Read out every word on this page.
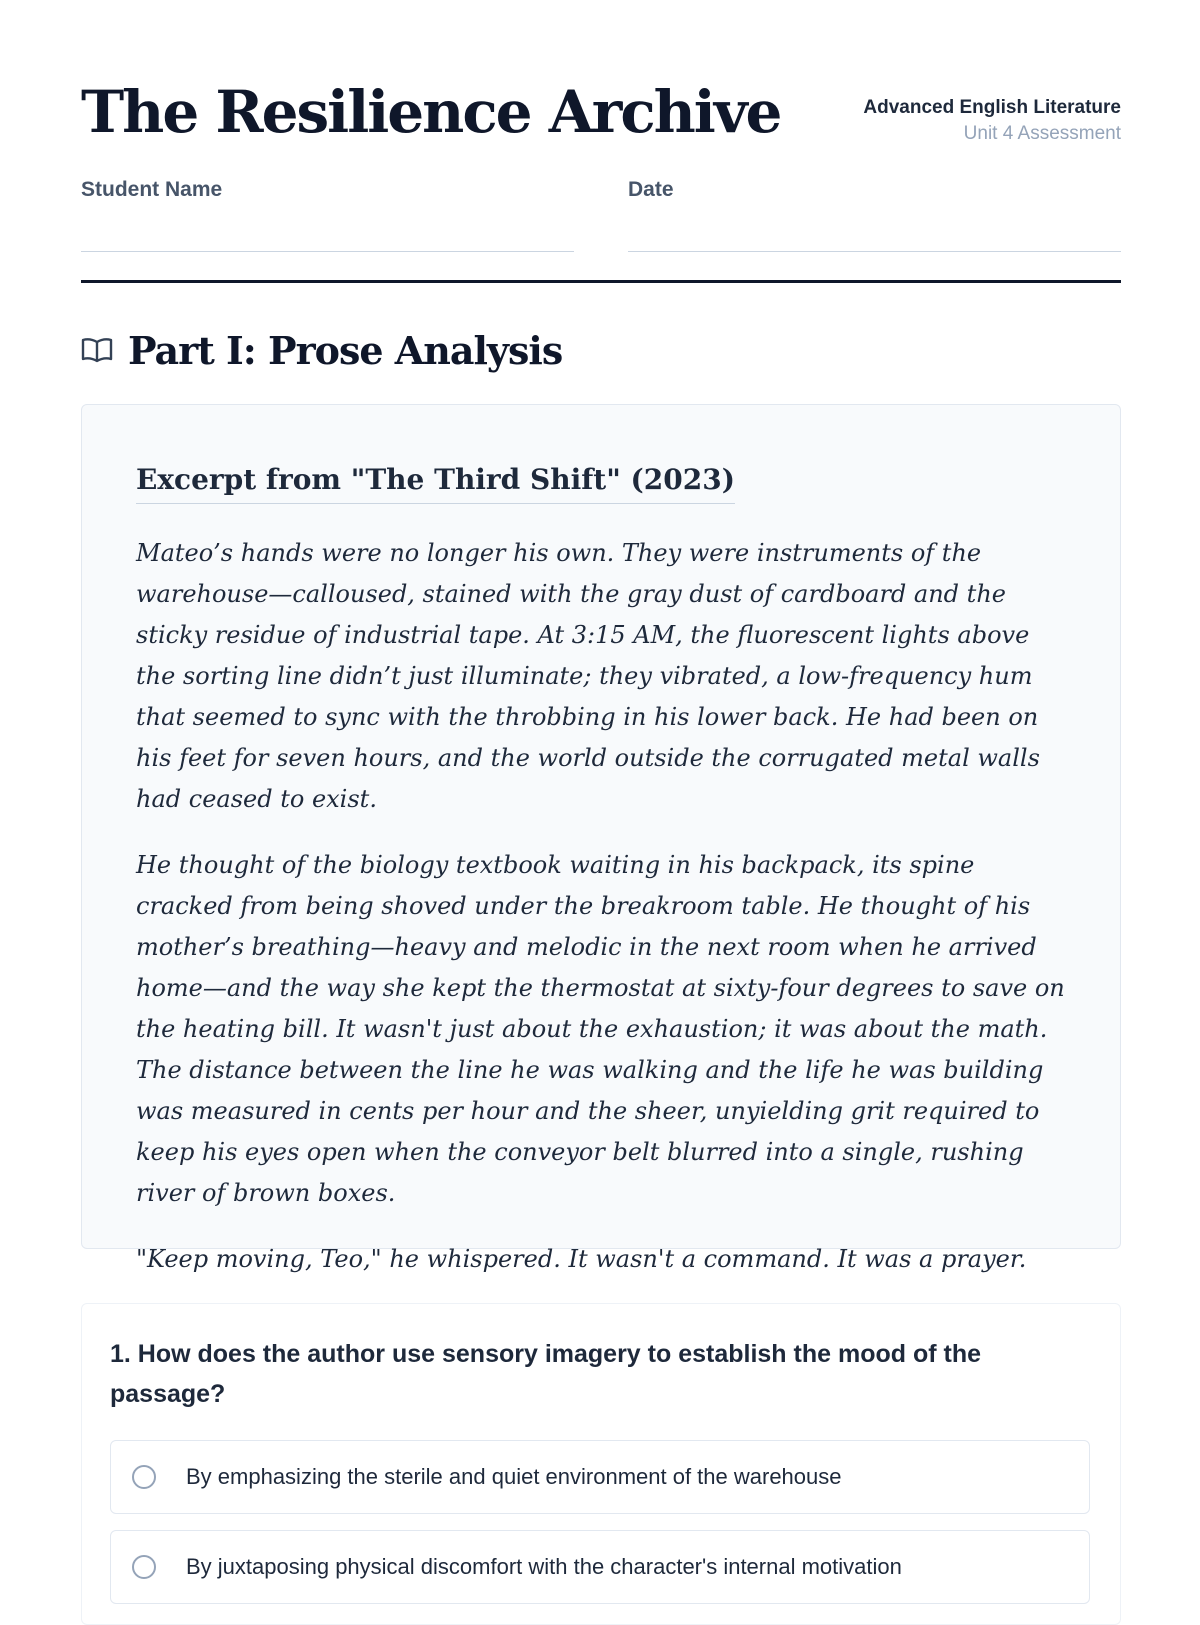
The Resilience Archive	Advanced English Literature
Unit 4 Assessment
Student Name	Date
Part I: Prose Analysis
Excerpt from "The Third Shift" (2023)

Mateo’s hands were no longer his own. They were instruments of the warehouse—calloused, stained with the gray dust of cardboard and the sticky residue of industrial tape. At 3:15 AM, the fluorescent lights above the sorting line didn’t just illuminate; they vibrated, a low-frequency hum that seemed to sync with the throbbing in his lower back. He had been on his feet for seven hours, and the world outside the corrugated metal walls had ceased to exist.

He thought of the biology textbook waiting in his backpack, its spine cracked from being shoved under the breakroom table. He thought of his mother’s breathing—heavy and melodic in the next room when he arrived home—and the way she kept the thermostat at sixty-four degrees to save on the heating bill. It wasn't just about the exhaustion; it was about the math. The distance between the line he was walking and the life he was building was measured in cents per hour and the sheer, unyielding grit required to keep his eyes open when the conveyor belt blurred into a single, rushing river of brown boxes.

"Keep moving, Teo," he whispered. It wasn't a command. It was a prayer.

1. How does the author use sensory imagery to establish the mood of the passage?

By emphasizing the sterile and quiet environment of the warehouse
By juxtaposing physical discomfort with the character's internal motivation
